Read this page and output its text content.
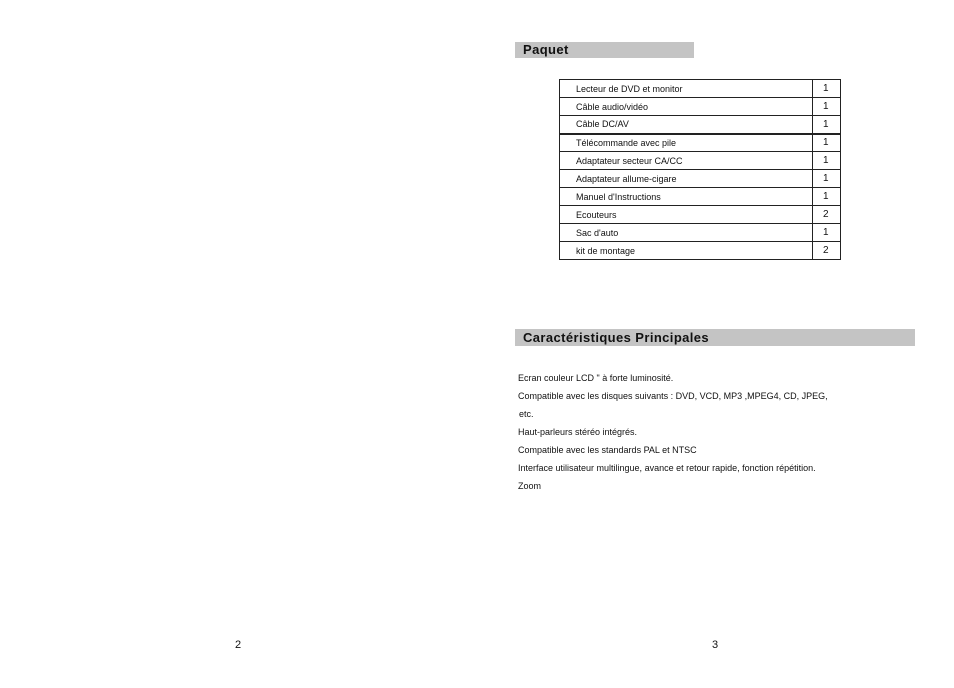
Paquet
Lecteur de DVD et monitor	1
Câble audio/vidéo	1
Câble DC/AV	1
Télécommande avec pile	1
Adaptateur secteur CA/CC	1
Adaptateur allume-cigare	1
Manuel d'Instructions	1
Ecouteurs	2
Sac d'auto	1
kit de montage	2
Caractéristiques Principales
Ecran couleur LCD " à forte luminosité.
Compatible avec les disques suivants : DVD, VCD, MP3 ,MPEG4, CD, JPEG,
etc.
Haut-parleurs stéréo intégrés.
Compatible avec les standards PAL et NTSC
Interface utilisateur multilingue, avance et retour rapide, fonction répétition.
Zoom
2	3
